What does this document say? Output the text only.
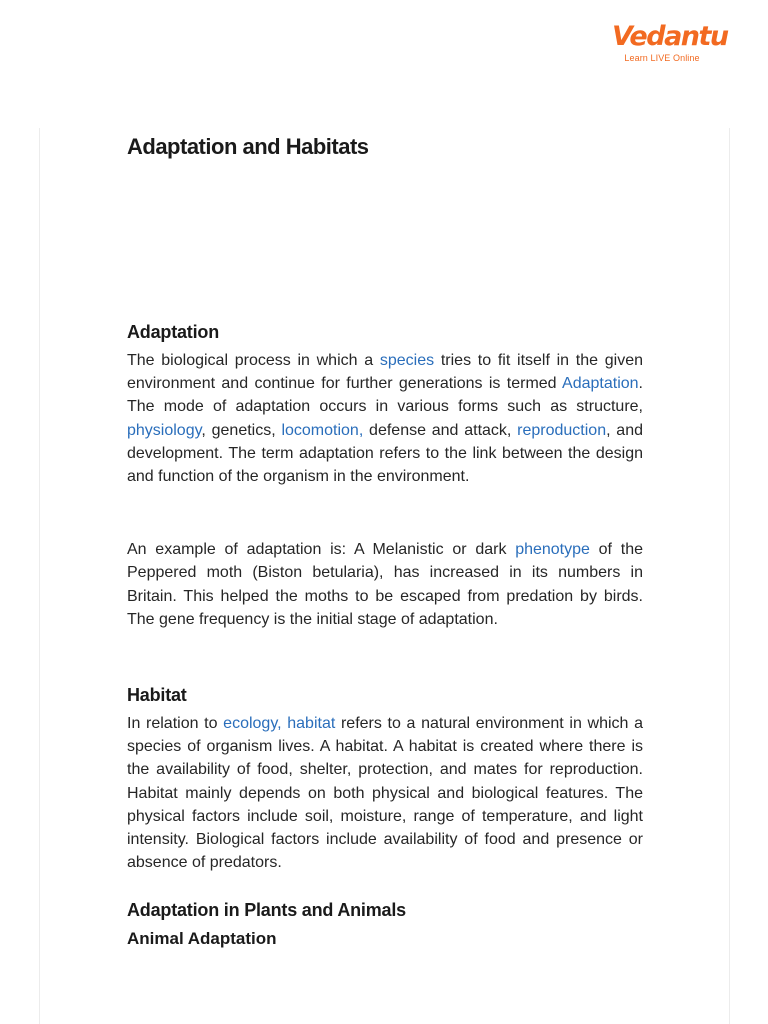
Vedantu
Learn LIVE Online
Adaptation and Habitats
Adaptation

The biological process in which a species tries to fit itself in the given environment and continue for further generations is termed Adaptation. The mode of adaptation occurs in various forms such as structure, physiology, genetics, locomotion, defense and attack, reproduction, and development. The term adaptation refers to the link between the design and function of the organism in the environment.

An example of adaptation is: A Melanistic or dark phenotype of the Peppered moth (Biston betularia), has increased in its numbers in Britain. This helped the moths to be escaped from predation by birds. The gene frequency is the initial stage of adaptation.

Habitat

In relation to ecology, habitat refers to a natural environment in which a species of organism lives. A habitat. A habitat is created where there is the availability of food, shelter, protection, and mates for reproduction. Habitat mainly depends on both physical and biological features. The physical factors include soil, moisture, range of temperature, and light intensity. Biological factors include availability of food and presence or absence of predators.

Adaptation in Plants and Animals
Animal Adaptation
